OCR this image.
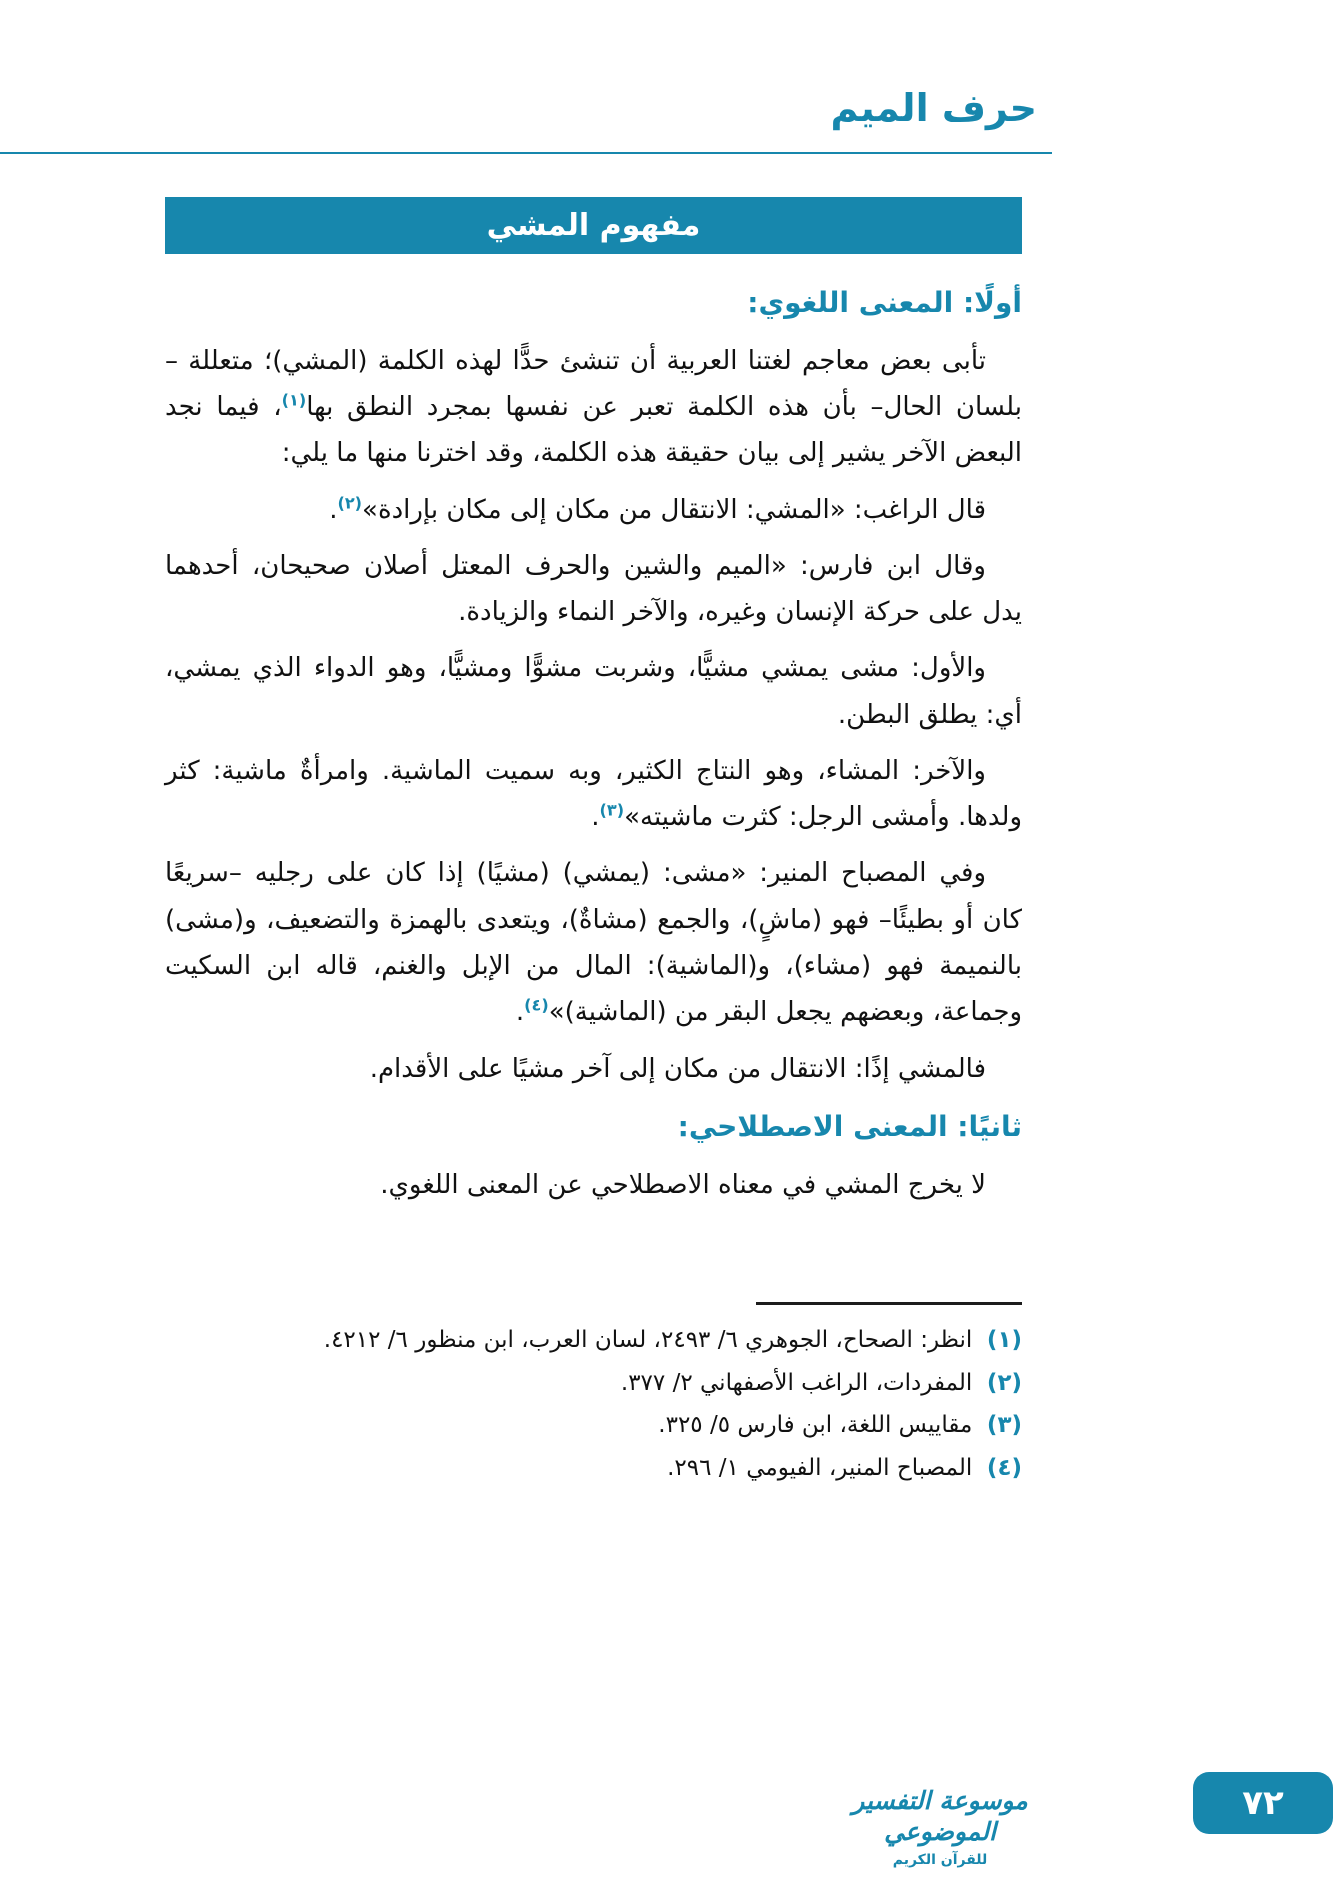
حرف الميم
مفهوم المشي
أولًا: المعنى اللغوي:

تأبى بعض معاجم لغتنا العربية أن تنشئ حدًّا لهذه الكلمة (المشي)؛ متعللة –بلسان الحال– بأن هذه الكلمة تعبر عن نفسها بمجرد النطق بها$^{(١)}$، فيما نجد البعض الآخر يشير إلى بيان حقيقة هذه الكلمة، وقد اخترنا منها ما يلي:

قال الراغب: «المشي: الانتقال من مكان إلى مكان بإرادة»$^{(٢)}$.

وقال ابن فارس: «الميم والشين والحرف المعتل أصلان صحيحان، أحدهما يدل على حركة الإنسان وغيره، والآخر النماء والزيادة.

والأول: مشى يمشي مشيًّا، وشربت مشوًّا ومشيًّا، وهو الدواء الذي يمشي، أي: يطلق البطن.

والآخر: المشاء، وهو النتاج الكثير، وبه سميت الماشية. وامرأةٌ ماشية: كثر ولدها. وأمشى الرجل: كثرت ماشيته»$^{(٣)}$.

وفي المصباح المنير: «مشى: (يمشي) (مشيًا) إذا كان على رجليه –سريعًا كان أو بطيئًا– فهو (ماشٍ)، والجمع (مشاةٌ)، ويتعدى بالهمزة والتضعيف، و(مشى) بالنميمة فهو (مشاء)، و(الماشية): المال من الإبل والغنم، قاله ابن السكيت وجماعة، وبعضهم يجعل البقر من (الماشية)»$^{(٤)}$.

فالمشي إذًا: الانتقال من مكان إلى آخر مشيًا على الأقدام.

ثانيًا: المعنى الاصطلاحي:

لا يخرج المشي في معناه الاصطلاحي عن المعنى اللغوي.

(١)  انظر: الصحاح، الجوهري ٦/ ٢٤٩٣، لسان العرب، ابن منظور ٦/ ٤٢١٢.
(٢)  المفردات، الراغب الأصفهاني ٢/ ٣٧٧.
(٣)  مقاييس اللغة، ابن فارس ٥/ ٣٢٥.
(٤)  المصباح المنير، الفيومي ١/ ٢٩٦.
موسوعة التفسير الموضوعي
للقرآن الكريم
٧٢
